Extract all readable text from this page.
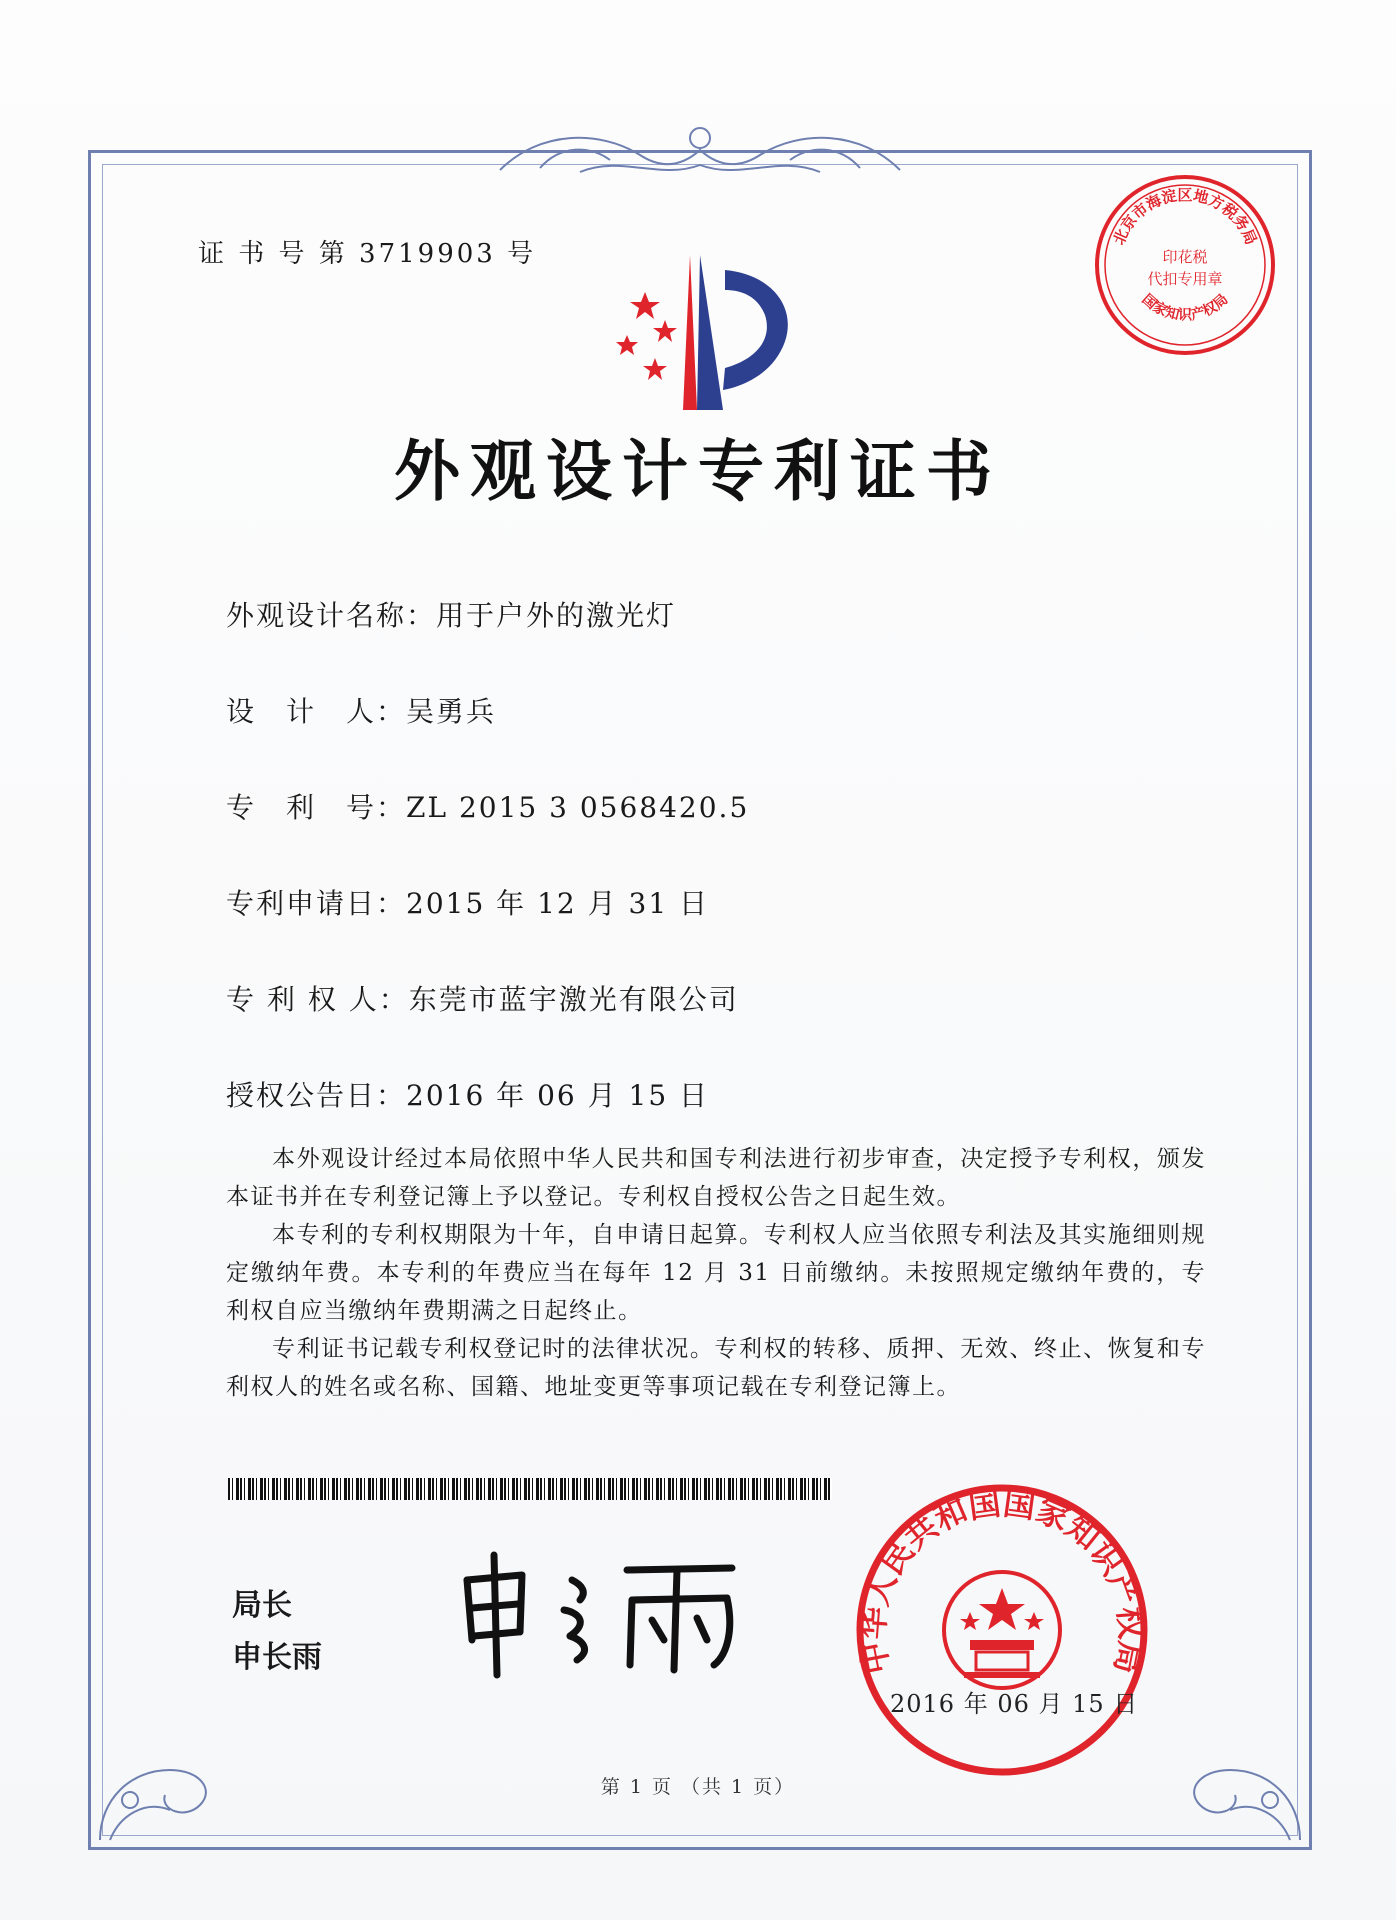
证 书 号 第 3719903 号
外观设计专利证书
外观设计名称：用于户外的激光灯
设　计　人：吴勇兵
专　利　号：ZL 2015 3 0568420.5
专利申请日：2015 年 12 月 31 日
专 利 权 人：东莞市蓝宇激光有限公司
授权公告日：2016 年 06 月 15 日

本外观设计经过本局依照中华人民共和国专利法进行初步审查，决定授予专利权，颁发本证书并在专利登记簿上予以登记。专利权自授权公告之日起生效。

本专利的专利权期限为十年，自申请日起算。专利权人应当依照专利法及其实施细则规定缴纳年费。本专利的年费应当在每年 12 月 31 日前缴纳。未按照规定缴纳年费的，专利权自应当缴纳年费期满之日起终止。

专利证书记载专利权登记时的法律状况。专利权的转移、质押、无效、终止、恢复和专利权人的姓名或名称、国籍、地址变更等事项记载在专利登记簿上。

局长
申长雨
北京市海淀区地方税务局
印花税
代扣专用章
国家知识产权局
中华人民共和国国家知识产权局
2016 年 06 月 15 日
第 1 页 （共 1 页）
